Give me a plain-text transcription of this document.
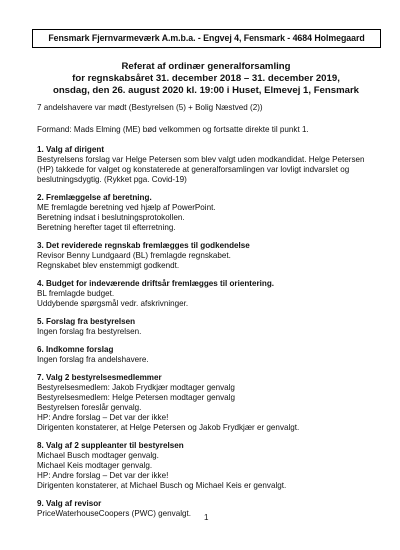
Fensmark Fjernvarmeværk A.m.b.a. - Engvej 4, Fensmark - 4684 Holmegaard
Referat af ordinær generalforsamling
for regnskabsåret 31. december 2018 – 31. december 2019,
onsdag, den 26. august 2020 kl. 19:00 i Huset, Elmevej 1, Fensmark
7 andelshavere var mødt (Bestyrelsen (5) + Bolig Næstved (2))
Formand: Mads Elming (ME) bød velkommen og fortsatte direkte til punkt 1.
1. Valg af dirigent
Bestyrelsens forslag var Helge Petersen som blev valgt uden modkandidat. Helge Petersen
(HP) takkede for valget og konstaterede at generalforsamlingen var lovligt indvarslet og
beslutningsdygtig. (Rykket pga. Covid-19)
2. Fremlæggelse af beretning.
ME fremlagde beretning ved hjælp af PowerPoint.
Beretning indsat i beslutningsprotokollen.
Beretning herefter taget til efterretning.
3. Det reviderede regnskab fremlægges til godkendelse
Revisor Benny Lundgaard (BL) fremlagde regnskabet.
Regnskabet blev enstemmigt godkendt.
4. Budget for indeværende driftsår fremlægges til orientering.
BL fremlagde budget.
Uddybende spørgsmål vedr. afskrivninger.
5. Forslag fra bestyrelsen
Ingen forslag fra bestyrelsen.
6. Indkomne forslag
Ingen forslag fra andelshavere.
7. Valg 2 bestyrelsesmedlemmer
Bestyrelsesmedlem: Jakob Frydkjær modtager genvalg
Bestyrelsesmedlem: Helge Petersen modtager genvalg
Bestyrelsen foreslår genvalg.
HP: Andre forslag – Det var der ikke!
Dirigenten konstaterer, at Helge Petersen og Jakob Frydkjær er genvalgt.
8. Valg af 2 suppleanter til bestyrelsen
Michael Busch modtager genvalg.
Michael Keis modtager genvalg.
HP: Andre forslag – Det var der ikke!
Dirigenten konstaterer, at Michael Busch og Michael Keis er genvalgt.
9. Valg af revisor
PriceWaterhouseCoopers (PWC) genvalgt. 1
